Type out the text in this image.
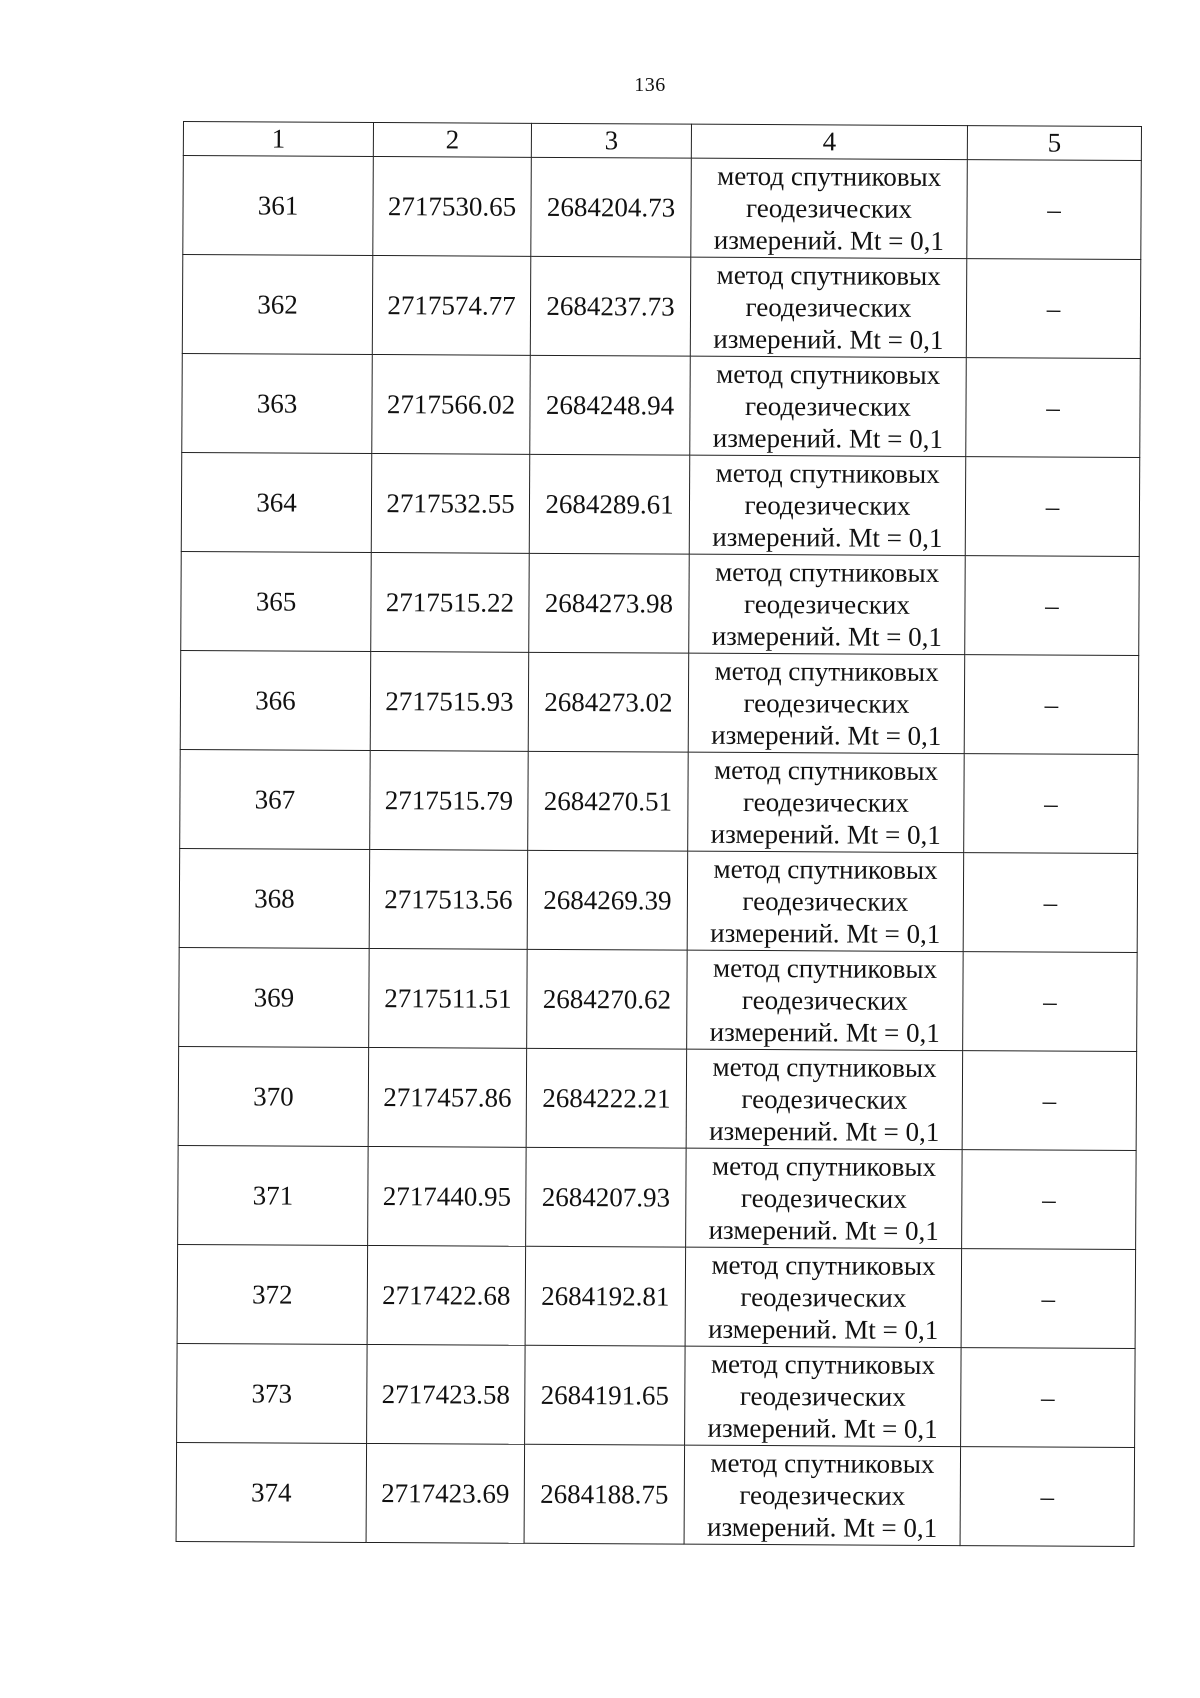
136
1	2	3	4	5
361	2717530.65	2684204.73	метод спутниковых
геодезических
измерений. Mt = 0,1	–
362	2717574.77	2684237.73	метод спутниковых
геодезических
измерений. Mt = 0,1	–
363	2717566.02	2684248.94	метод спутниковых
геодезических
измерений. Mt = 0,1	–
364	2717532.55	2684289.61	метод спутниковых
геодезических
измерений. Mt = 0,1	–
365	2717515.22	2684273.98	метод спутниковых
геодезических
измерений. Mt = 0,1	–
366	2717515.93	2684273.02	метод спутниковых
геодезических
измерений. Mt = 0,1	–
367	2717515.79	2684270.51	метод спутниковых
геодезических
измерений. Mt = 0,1	–
368	2717513.56	2684269.39	метод спутниковых
геодезических
измерений. Mt = 0,1	–
369	2717511.51	2684270.62	метод спутниковых
геодезических
измерений. Mt = 0,1	–
370	2717457.86	2684222.21	метод спутниковых
геодезических
измерений. Mt = 0,1	–
371	2717440.95	2684207.93	метод спутниковых
геодезических
измерений. Mt = 0,1	–
372	2717422.68	2684192.81	метод спутниковых
геодезических
измерений. Mt = 0,1	–
373	2717423.58	2684191.65	метод спутниковых
геодезических
измерений. Mt = 0,1	–
374	2717423.69	2684188.75	метод спутниковых
геодезических
измерений. Mt = 0,1	–
